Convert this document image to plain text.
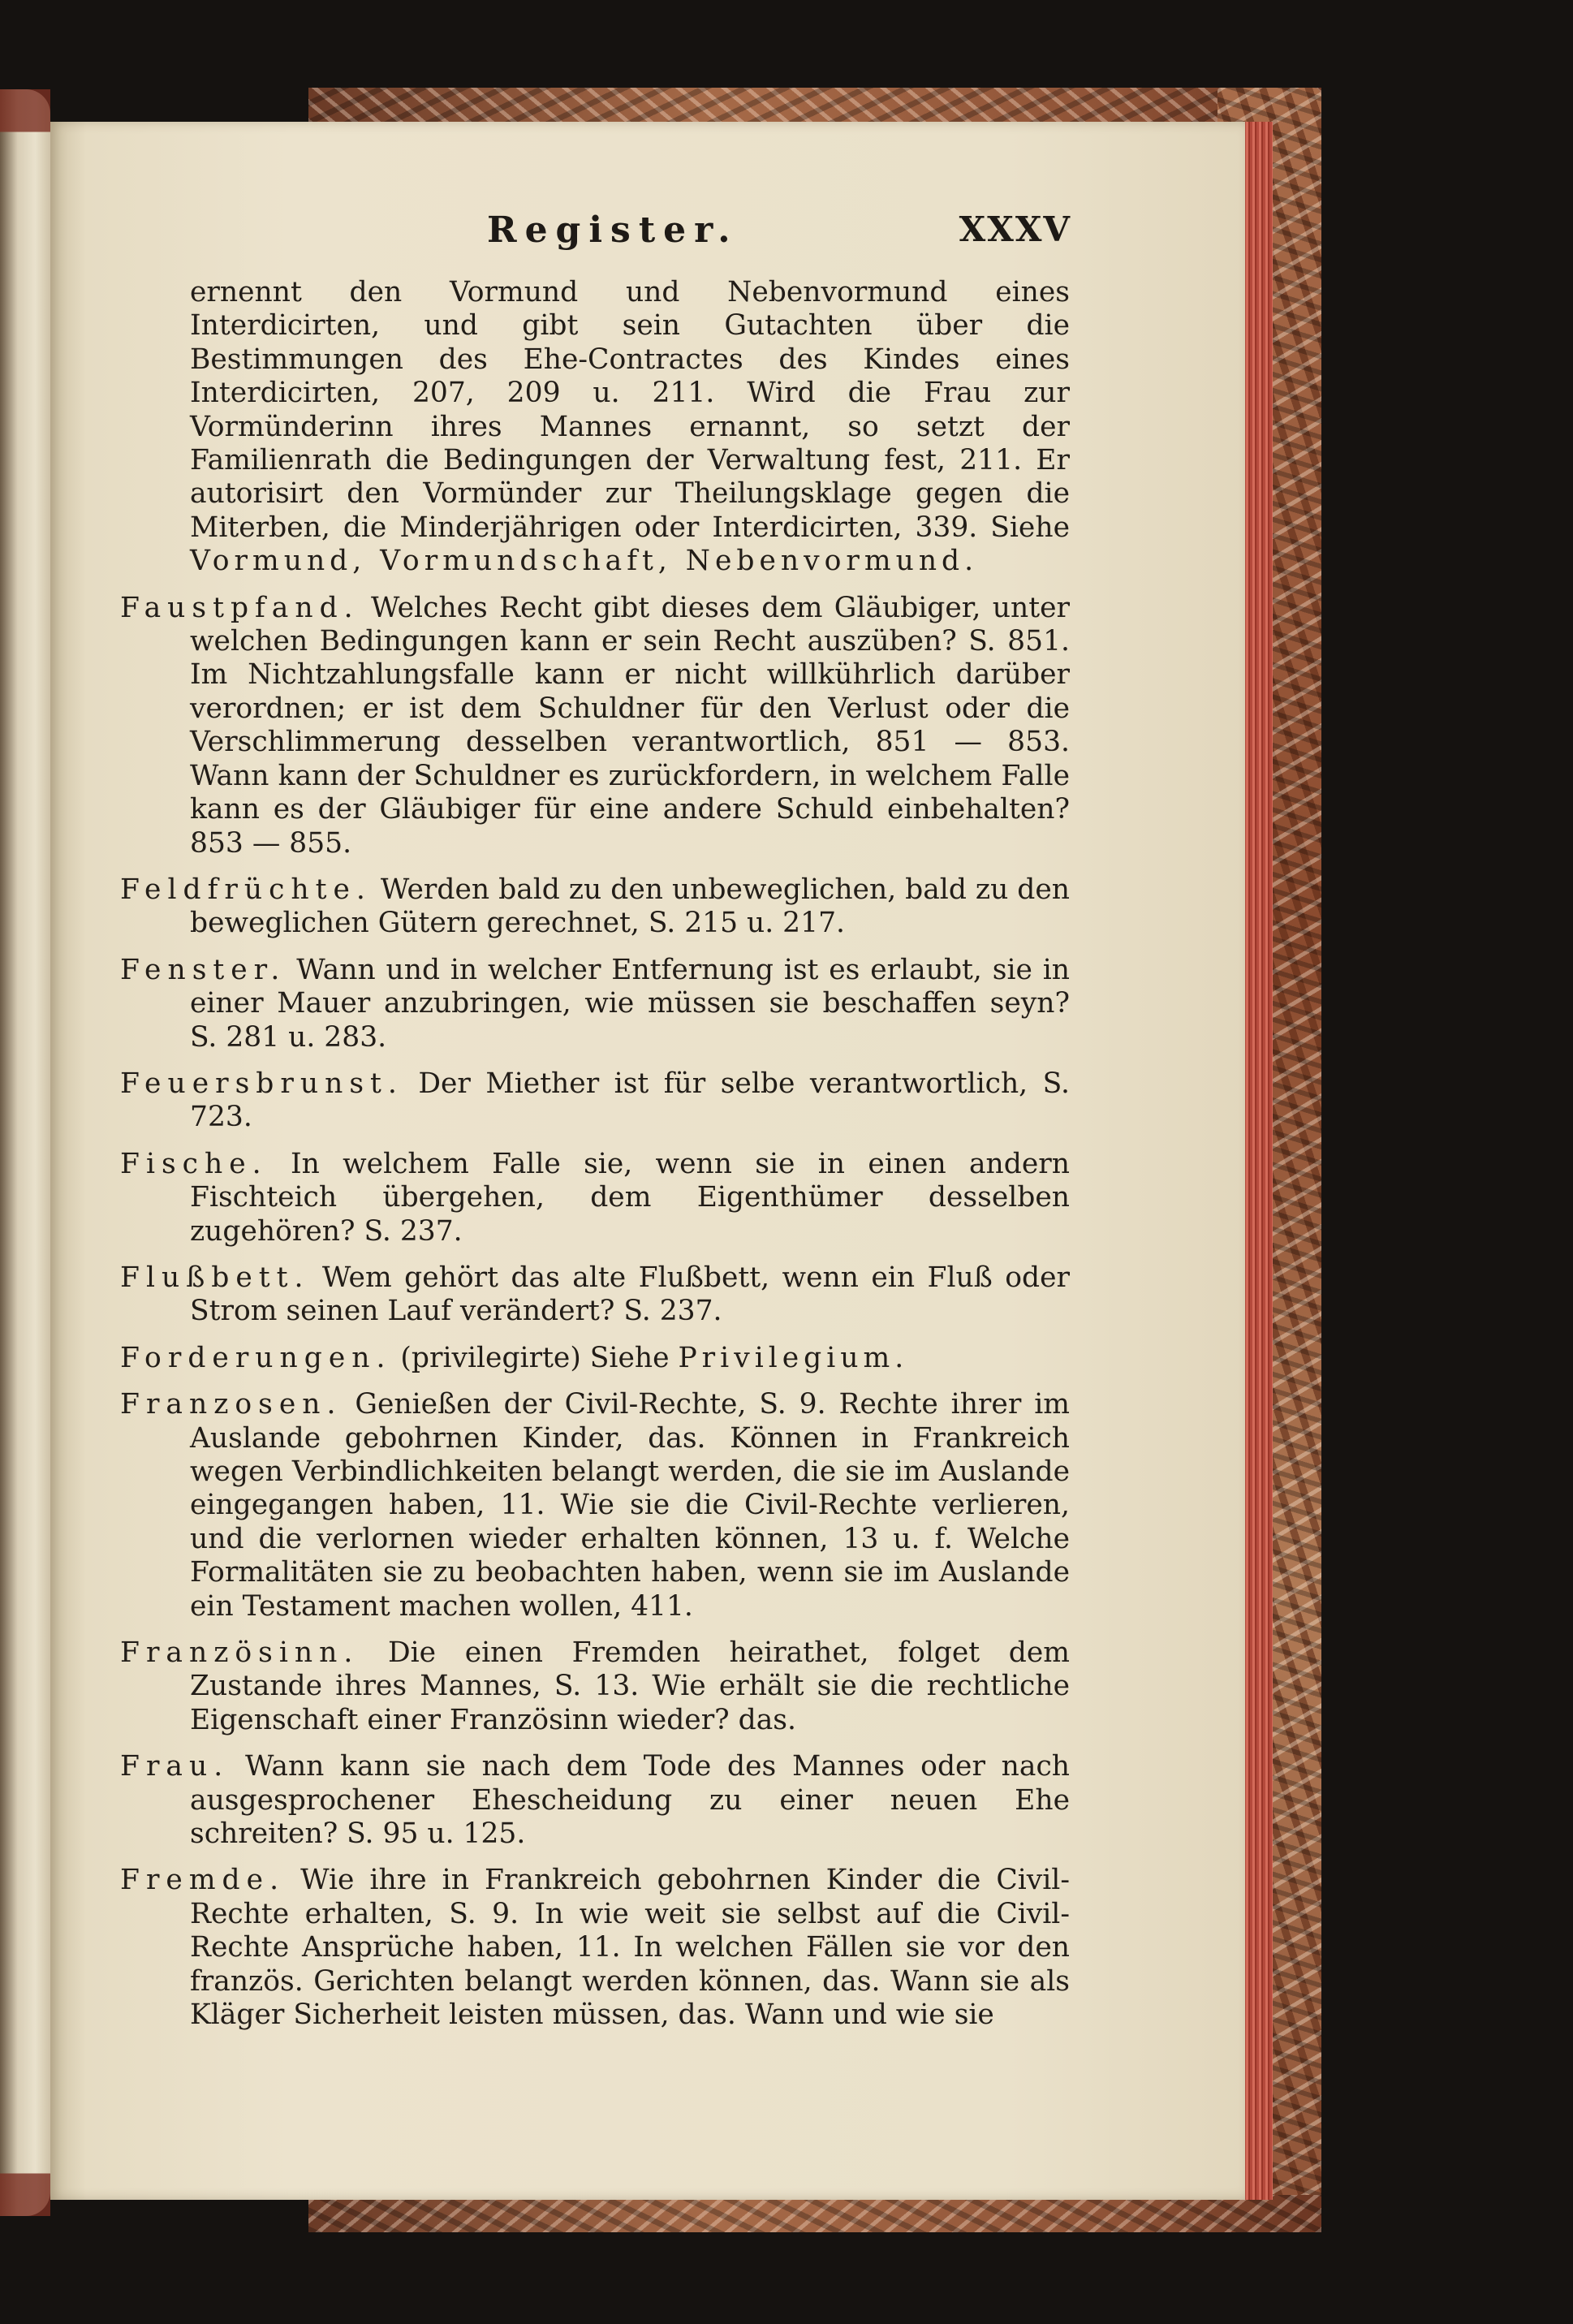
Register.	XXXV

ernennt den Vormund und Nebenvormund eines Interdicirten, und gibt sein Gutachten über die Bestimmungen des Ehe-Contractes des Kindes eines Interdicirten, 207, 209 u. 211. Wird die Frau zur Vormünderinn ihres Mannes ernannt, so setzt der Familienrath die Bedingungen der Verwaltung fest, 211. Er autorisirt den Vormünder zur Theilungsklage gegen die Miterben, die Minderjährigen oder Interdicirten, 339. Siehe Vormund, Vormundschaft, Nebenvormund.

Faustpfand. Welches Recht gibt dieses dem Gläubiger, unter welchen Bedingungen kann er sein Recht auszüben? S. 851. Im Nichtzahlungsfalle kann er nicht willkührlich darüber verordnen; er ist dem Schuldner für den Verlust oder die Verschlimmerung desselben verantwortlich, 851 — 853. Wann kann der Schuldner es zurückfordern, in welchem Falle kann es der Gläubiger für eine andere Schuld einbehalten? 853 — 855.

Feldfrüchte. Werden bald zu den unbeweglichen, bald zu den beweglichen Gütern gerechnet, S. 215 u. 217.

Fenster. Wann und in welcher Entfernung ist es erlaubt, sie in einer Mauer anzubringen, wie müssen sie beschaffen seyn? S. 281 u. 283.

Feuersbrunst. Der Miether ist für selbe verantwortlich, S. 723.

Fische. In welchem Falle sie, wenn sie in einen andern Fischteich übergehen, dem Eigenthümer desselben zugehören? S. 237.

Flußbett. Wem gehört das alte Flußbett, wenn ein Fluß oder Strom seinen Lauf verändert? S. 237.

Forderungen. (privilegirte) Siehe Privilegium.

Franzosen. Genießen der Civil-Rechte, S. 9. Rechte ihrer im Auslande gebohrnen Kinder, das. Können in Frankreich wegen Verbindlichkeiten belangt werden, die sie im Auslande eingegangen haben, 11. Wie sie die Civil-Rechte verlieren, und die verlornen wieder erhalten können, 13 u. f. Welche Formalitäten sie zu beobachten haben, wenn sie im Auslande ein Testament machen wollen, 411.

Französinn. Die einen Fremden heirathet, folget dem Zustande ihres Mannes, S. 13. Wie erhält sie die rechtliche Eigenschaft einer Französinn wieder? das.

Frau. Wann kann sie nach dem Tode des Mannes oder nach ausgesprochener Ehescheidung zu einer neuen Ehe schreiten? S. 95 u. 125.

Fremde. Wie ihre in Frankreich gebohrnen Kinder die Civil-Rechte erhalten, S. 9. In wie weit sie selbst auf die Civil-Rechte Ansprüche haben, 11. In welchen Fällen sie vor den französ. Gerichten belangt werden können, das. Wann sie als Kläger Sicherheit leisten müssen, das. Wann und wie sie
